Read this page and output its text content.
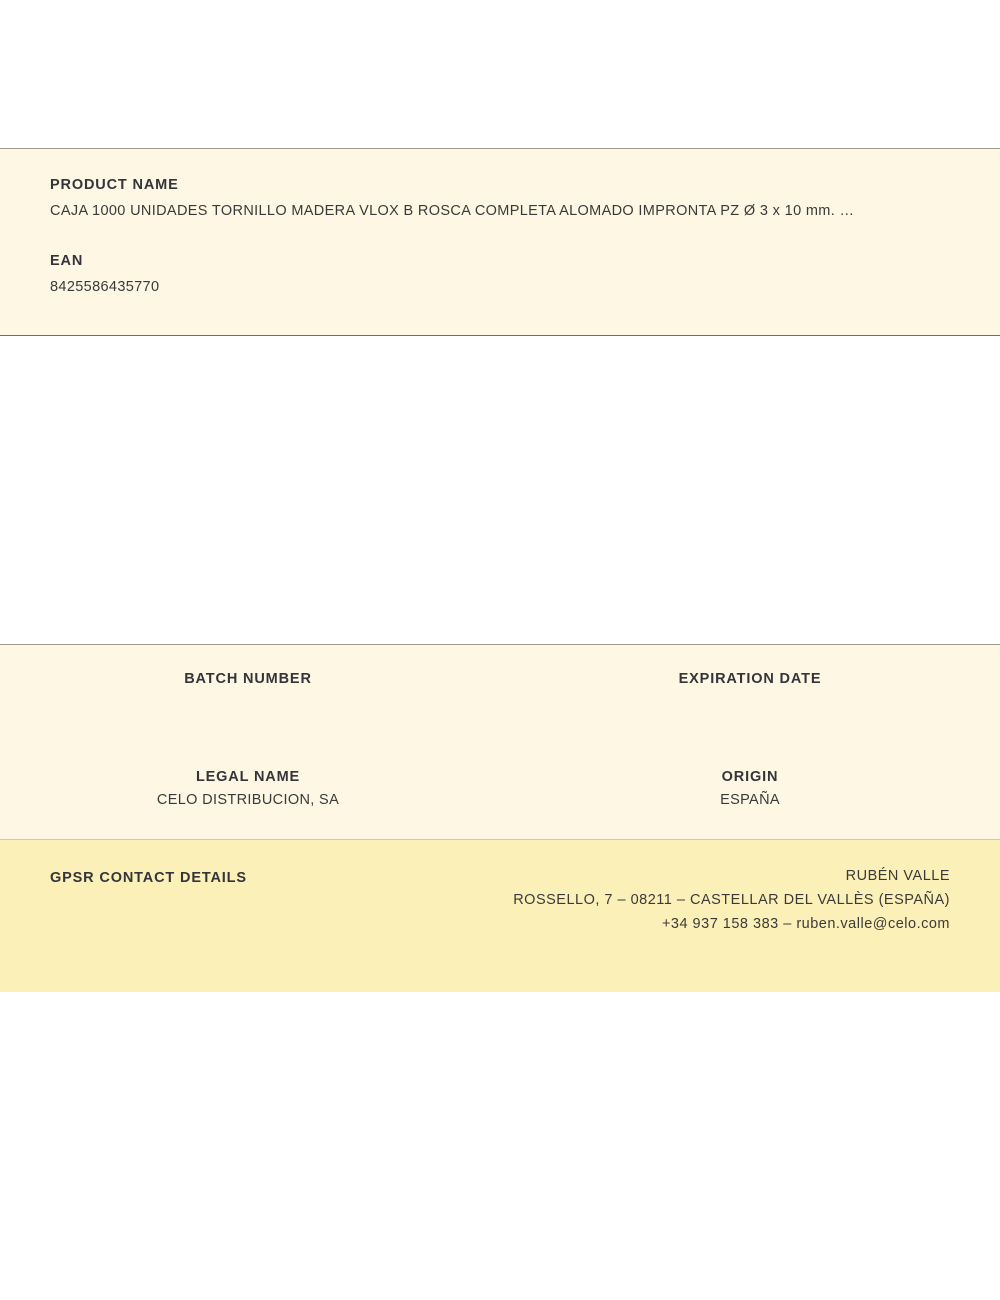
PRODUCT NAME

CAJA 1000 UNIDADES TORNILLO MADERA VLOX B ROSCA COMPLETA ALOMADO IMPRONTA PZ Ø 3 x 10 mm. …

EAN

8425586435770

BATCH NUMBER	EXPIRATION DATE

LEGAL NAME

CELO DISTRIBUCION, SA

ORIGIN

ESPAÑA

GPSR CONTACT DETAILS	RUBÉN VALLE

ROSSELLO, 7 – 08211 – CASTELLAR DEL VALLÈS (ESPAÑA)

+34 937 158 383 – ruben.valle@celo.com
